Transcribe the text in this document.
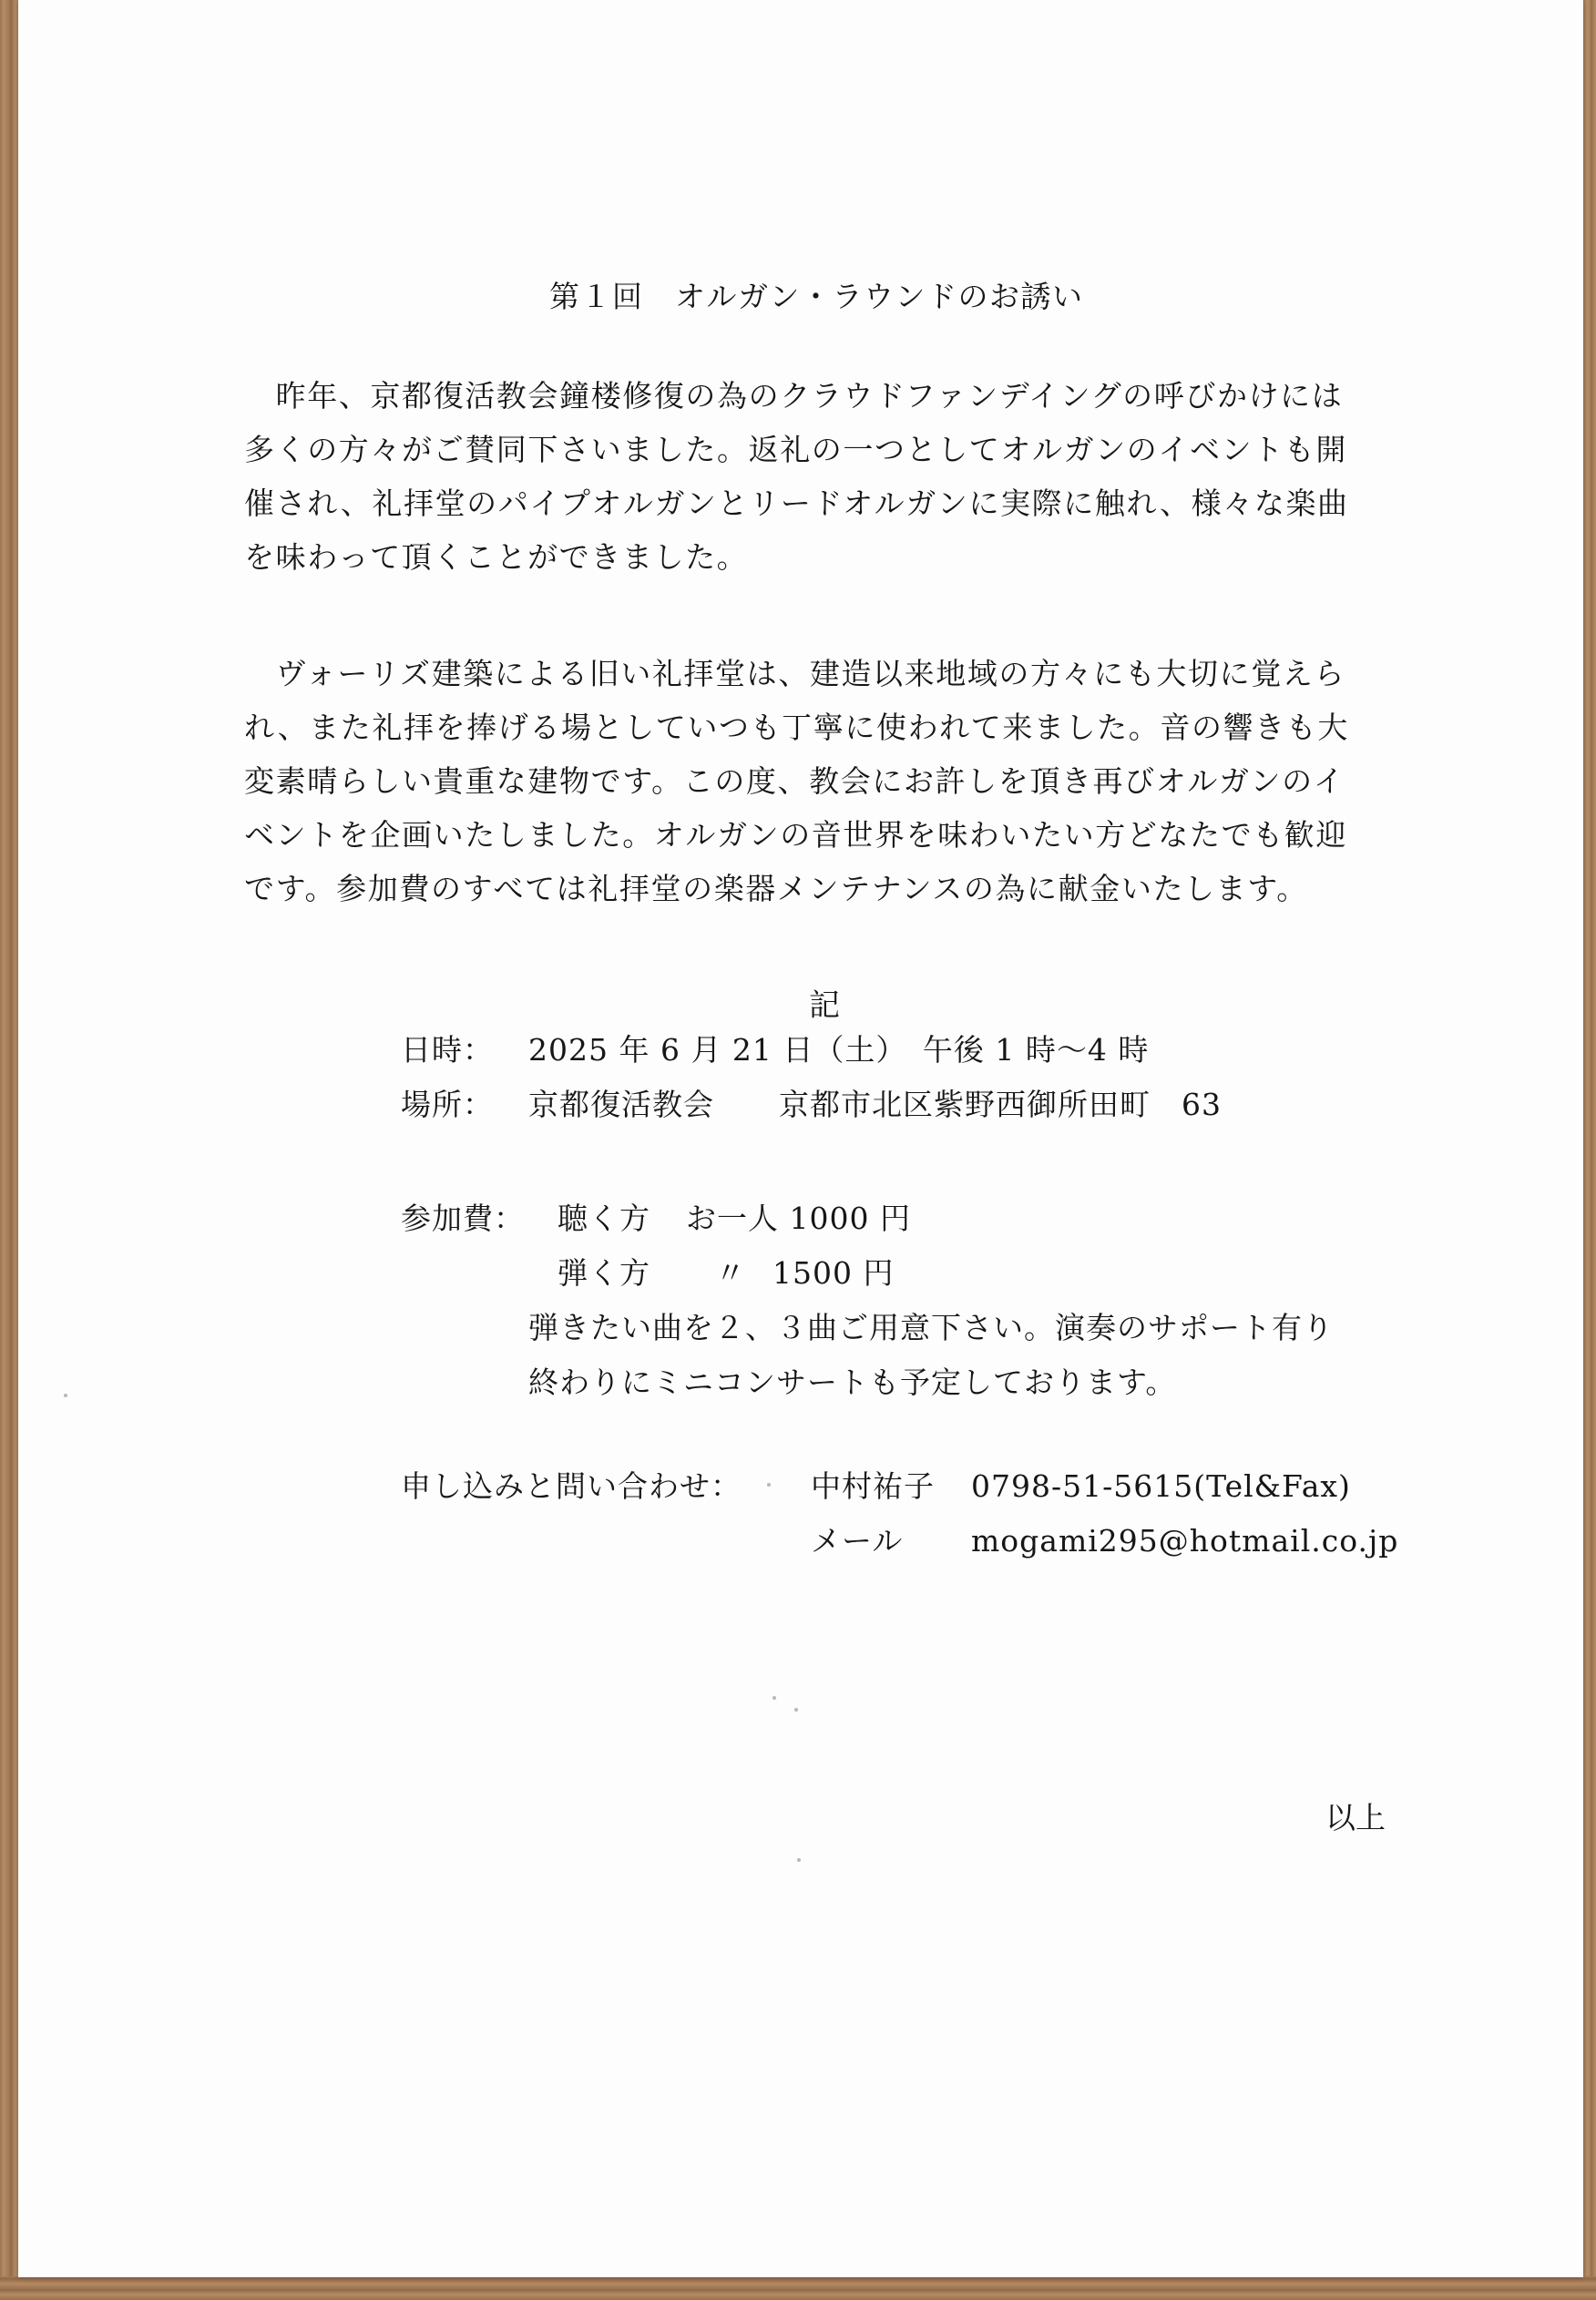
第１回　オルガン・ラウンドのお誘い
　昨年、京都復活教会鐘楼修復の為のクラウドファンデイングの呼びかけには
多くの方々がご賛同下さいました。返礼の一つとしてオルガンのイベントも開
催され、礼拝堂のパイプオルガンとリードオルガンに実際に触れ、様々な楽曲
を味わって頂くことができました。
　ヴォーリズ建築による旧い礼拝堂は、建造以来地域の方々にも大切に覚えら
れ、また礼拝を捧げる場としていつも丁寧に使われて来ました。音の響きも大
変素晴らしい貴重な建物です。この度、教会にお許しを頂き再びオルガンのイ
ベントを企画いたしました。オルガンの音世界を味わいたい方どなたでも歓迎
です。参加費のすべては礼拝堂の楽器メンテナンスの為に献金いたします。
記
日時： 2025 年 6 月 21 日（土）　午後 1 時〜4 時
場所： 京都復活教会 京都市北区紫野西御所田町　63
参加費： 聴く方 お一人 1000 円
弾く方 〃 1500 円
弾きたい曲を２、３曲ご用意下さい。演奏のサポート有り
終わりにミニコンサートも予定しております。
申し込みと問い合わせ： 中村祐子 0798-51-5615(Tel&Fax)
メール mogami295@hotmail.co.jp
以上
